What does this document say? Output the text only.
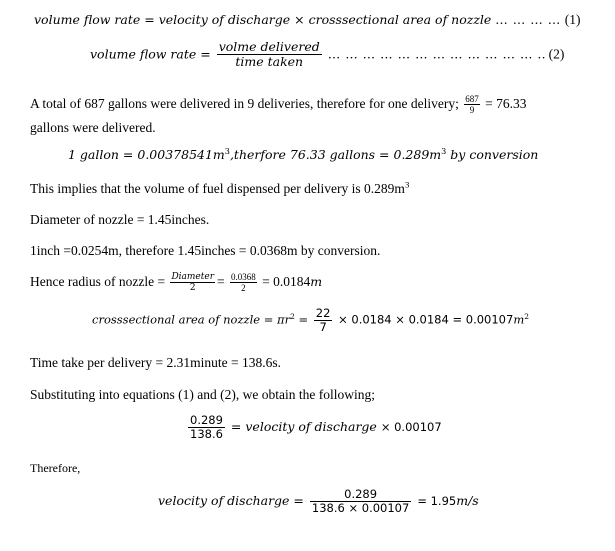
volume flow rate = velocity of discharge × crosssectional area of nozzle … … … … (1)
volume flow rate = $\frac{\text{volme delivered}}{\text{time taken}}$ … … … … … … … … … … … … .. (2)
A total of 687 gallons were delivered in 9 deliveries, therefore for one delivery; $\frac{687}{9} = 76.33$
gallons were delivered.
1 gallon = $0.00378541m^3,therfore$ 76.33 gallons = $0.289m^3$ by conversion
This implies that the volume of fuel dispensed per delivery is $0.289m^3$
Diameter of nozzle = 1.45inches.
1inch =0.0254m, therefore 1.45inches = 0.0368m by conversion.
Hence radius of nozzle = $\frac{\text{Diameter}}{2} = \frac{0.0368}{2} = 0.0184m$
crosssectional area of nozzle = $\pi r^2 = \frac{22}{7} \times 0.0184 \times 0.0184 = 0.00107m^2$
Time take per delivery = 2.31minute = 138.6s.
Substituting into equations (1) and (2), we obtain the following;
$\frac{0.289}{138.6}$ = velocity of discharge × 0.00107
Therefore,
velocity of discharge = $\frac{0.289}{138.6 \times 0.00107} = 1.95m/s$
